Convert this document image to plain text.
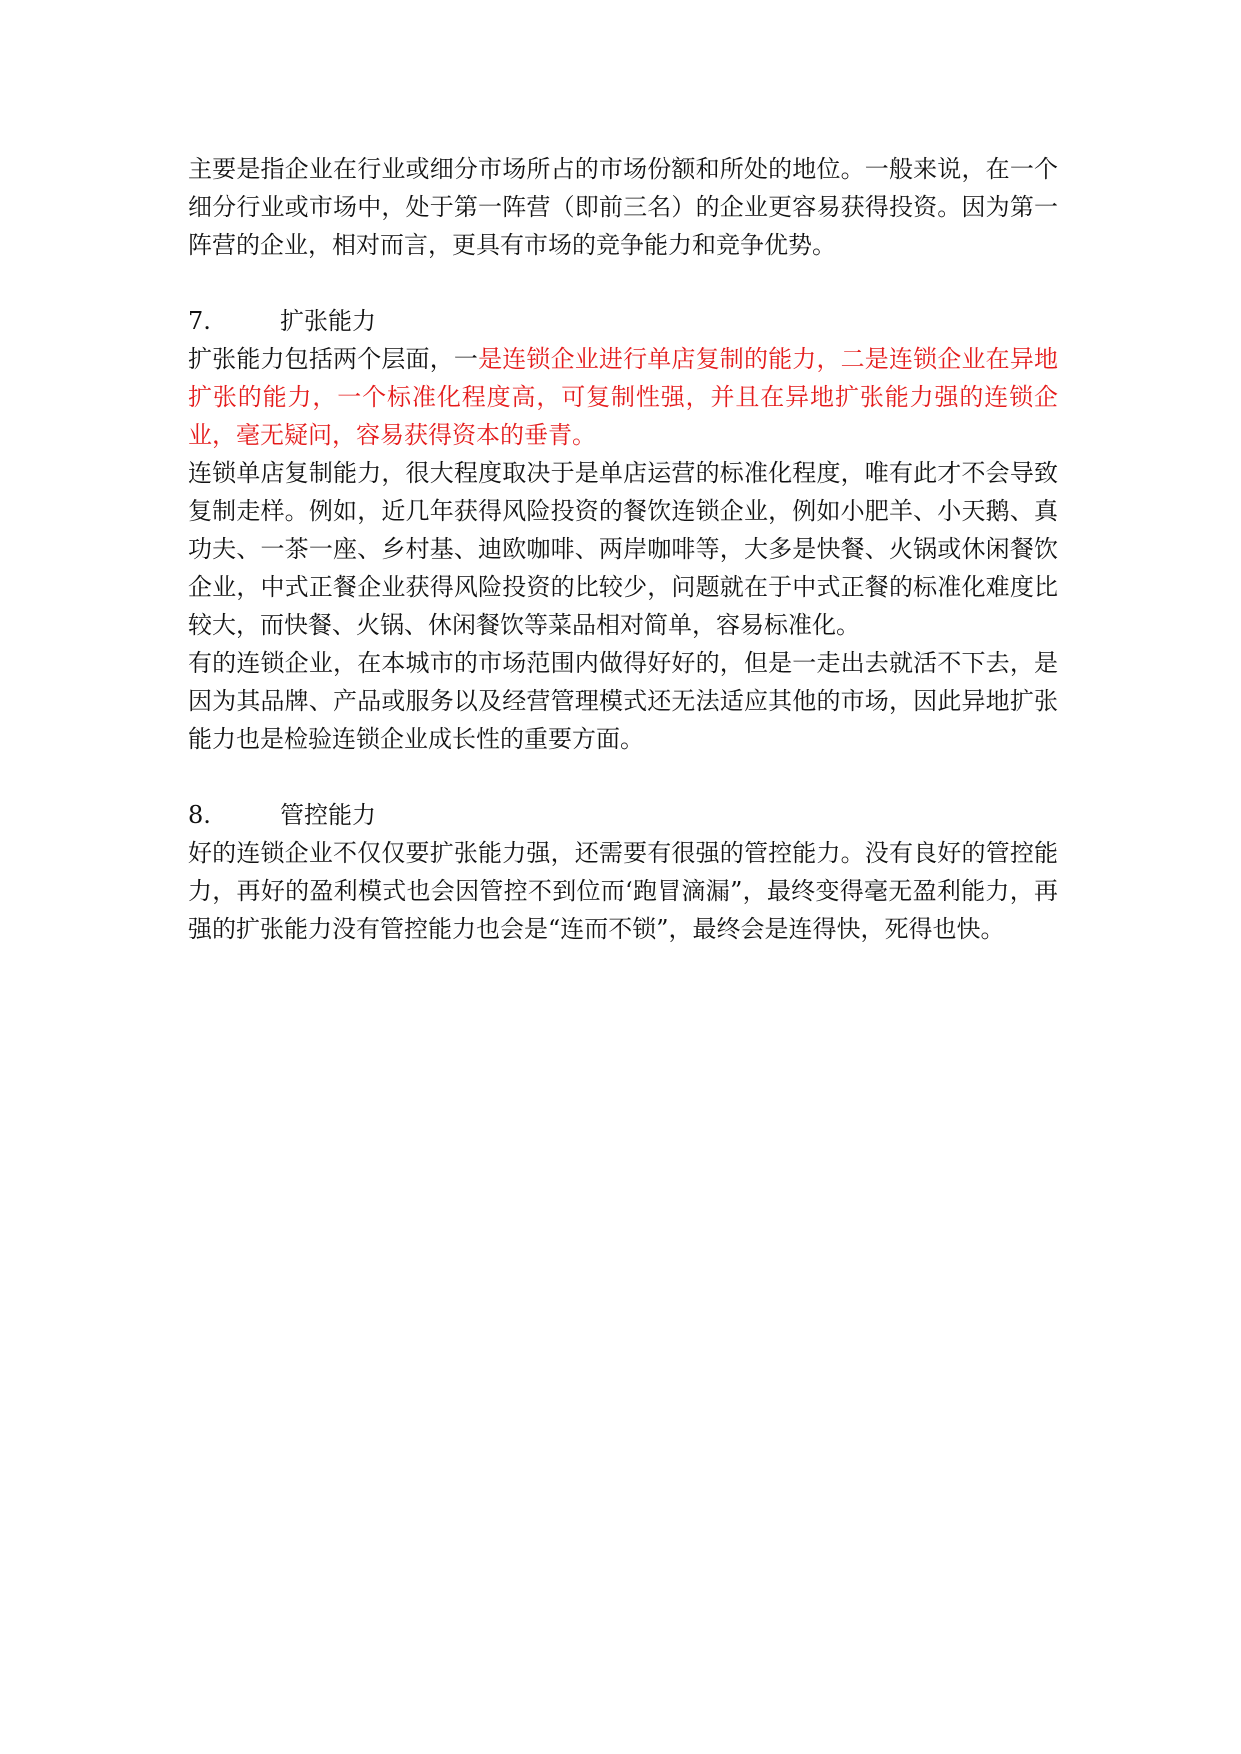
主要是指企业在行业或细分市场所占的市场份额和所处的地位。一般来说，在一个细分行业或市场中，处于第一阵营（即前三名）的企业更容易获得投资。因为第一阵营的企业，相对而言，更具有市场的竞争能力和竞争优势。

7.	扩张能力

扩张能力包括两个层面，一是连锁企业进行单店复制的能力，二是连锁企业在异地扩张的能力，一个标准化程度高，可复制性强，并且在异地扩张能力强的连锁企业，毫无疑问，容易获得资本的垂青。

连锁单店复制能力，很大程度取决于是单店运营的标准化程度，唯有此才不会导致复制走样。例如，近几年获得风险投资的餐饮连锁企业，例如小肥羊、小天鹅、真 功夫、一茶一座、乡村基、迪欧咖啡、两岸咖啡等，大多是快餐、火锅或休闲餐饮企业，中式正餐企业获得风险投资的比较少，问题就在于中式正餐的标准化难度比 较大，而快餐、火锅、休闲餐饮等菜品相对简单，容易标准化。

有的连锁企业，在本城市的市场范围内做得好好的，但是一走出去就活不下去，是因为其品牌、产品或服务以及经营管理模式还无法适应其他的市场，因此异地扩张能力也是检验连锁企业成长性的重要方面。

8.	管控能力

好的连锁企业不仅仅要扩张能力强，还需要有很强的管控能力。没有良好的管控能力，再好的盈利模式也会因管控不到位而‘跑冒滴漏”，最终变得毫无盈利能力，再强的扩张能力没有管控能力也会是“连而不锁”，最终会是连得快，死得也快。
